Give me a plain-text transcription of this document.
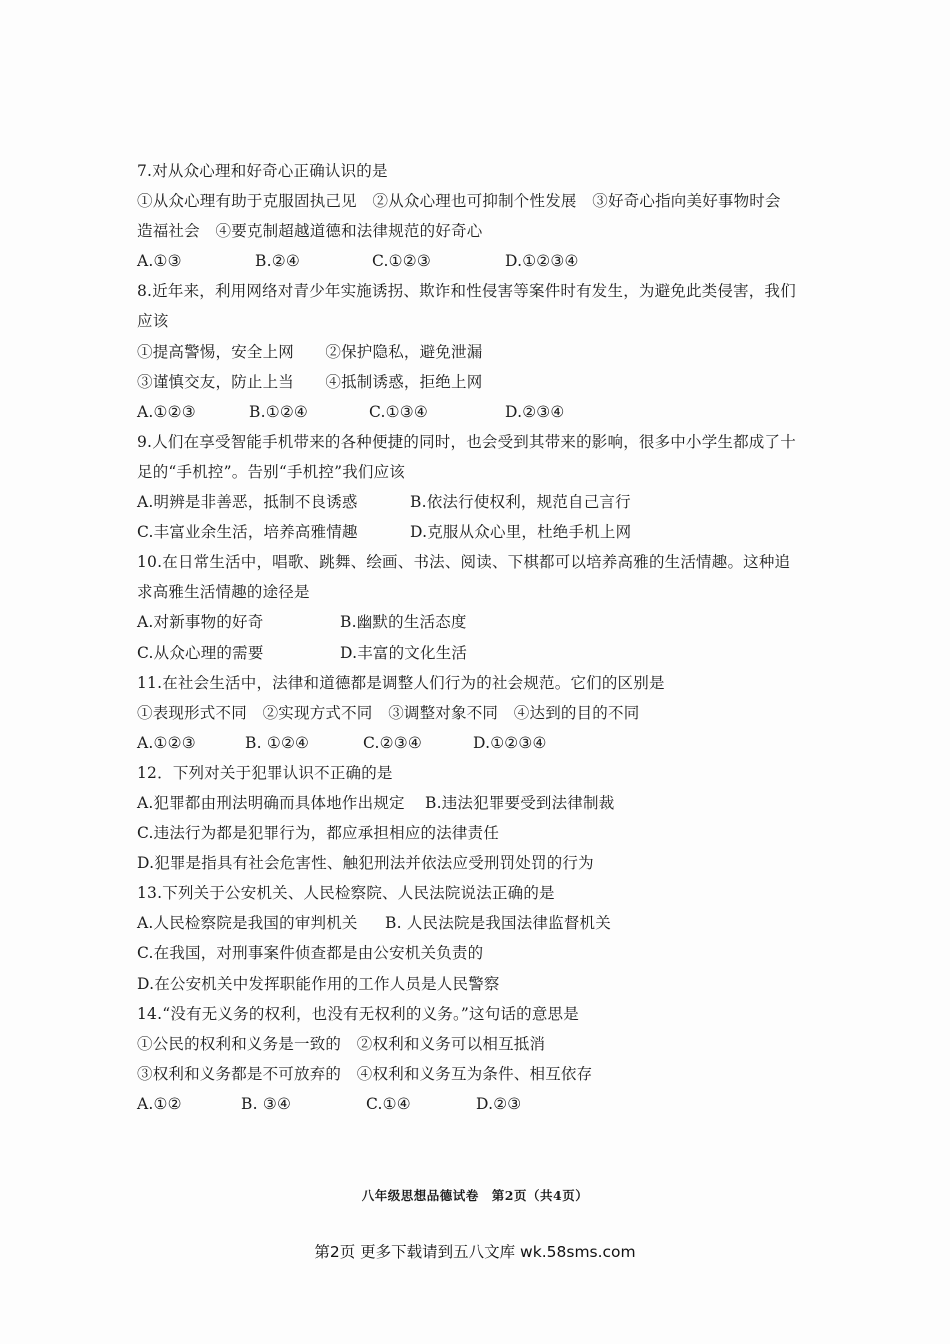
7.对从众心理和好奇心正确认识的是
①从众心理有助于克服固执己见　②从众心理也可抑制个性发展　③好奇心指向美好事物时会
造福社会　④要克制超越道德和法律规范的好奇心
A.①③	B.②④	C.①②③	D.①②③④
8.近年来，利用网络对青少年实施诱拐、欺诈和性侵害等案件时有发生，为避免此类侵害，我们
应该
①提高警惕，安全上网　　②保护隐私，避免泄漏
③谨慎交友，防止上当　　④抵制诱惑，拒绝上网
A.①②③	B.①②④	C.①③④	D.②③④
9.人们在享受智能手机带来的各种便捷的同时，也会受到其带来的影响，很多中小学生都成了十
足的“手机控”。告别“手机控”我们应该
A.明辨是非善恶，抵制不良诱惑	B.依法行使权利，规范自己言行
C.丰富业余生活，培养高雅情趣	D.克服从众心里，杜绝手机上网
10.在日常生活中，唱歌、跳舞、绘画、书法、阅读、下棋都可以培养高雅的生活情趣。这种追
求高雅生活情趣的途径是
A.对新事物的好奇	B.幽默的生活态度
C.从众心理的需要	D.丰富的文化生活
11.在社会生活中，法律和道德都是调整人们行为的社会规范。它们的区别是
①表现形式不同　②实现方式不同　③调整对象不同　④达到的目的不同
A.①②③	B. ①②④	C.②③④	D.①②③④
12．下列对关于犯罪认识不正确的是
A.犯罪都由刑法明确而具体地作出规定 B.违法犯罪要受到法律制裁
C.违法行为都是犯罪行为，都应承担相应的法律责任
D.犯罪是指具有社会危害性、触犯刑法并依法应受刑罚处罚的行为
13.下列关于公安机关、人民检察院、人民法院说法正确的是
A.人民检察院是我国的审判机关 B. 人民法院是我国法律监督机关
C.在我国，对刑事案件侦查都是由公安机关负责的
D.在公安机关中发挥职能作用的工作人员是人民警察
14.“没有无义务的权利，也没有无权利的义务。”这句话的意思是
①公民的权利和义务是一致的　②权利和义务可以相互抵消
③权利和义务都是不可放弃的　④权利和义务互为条件、相互依存
A.①②	B. ③④	C.①④	D.②③
八年级思想品德试卷　第2页（共4页）
第2页 更多下载请到五八文库 wk.58sms.com
